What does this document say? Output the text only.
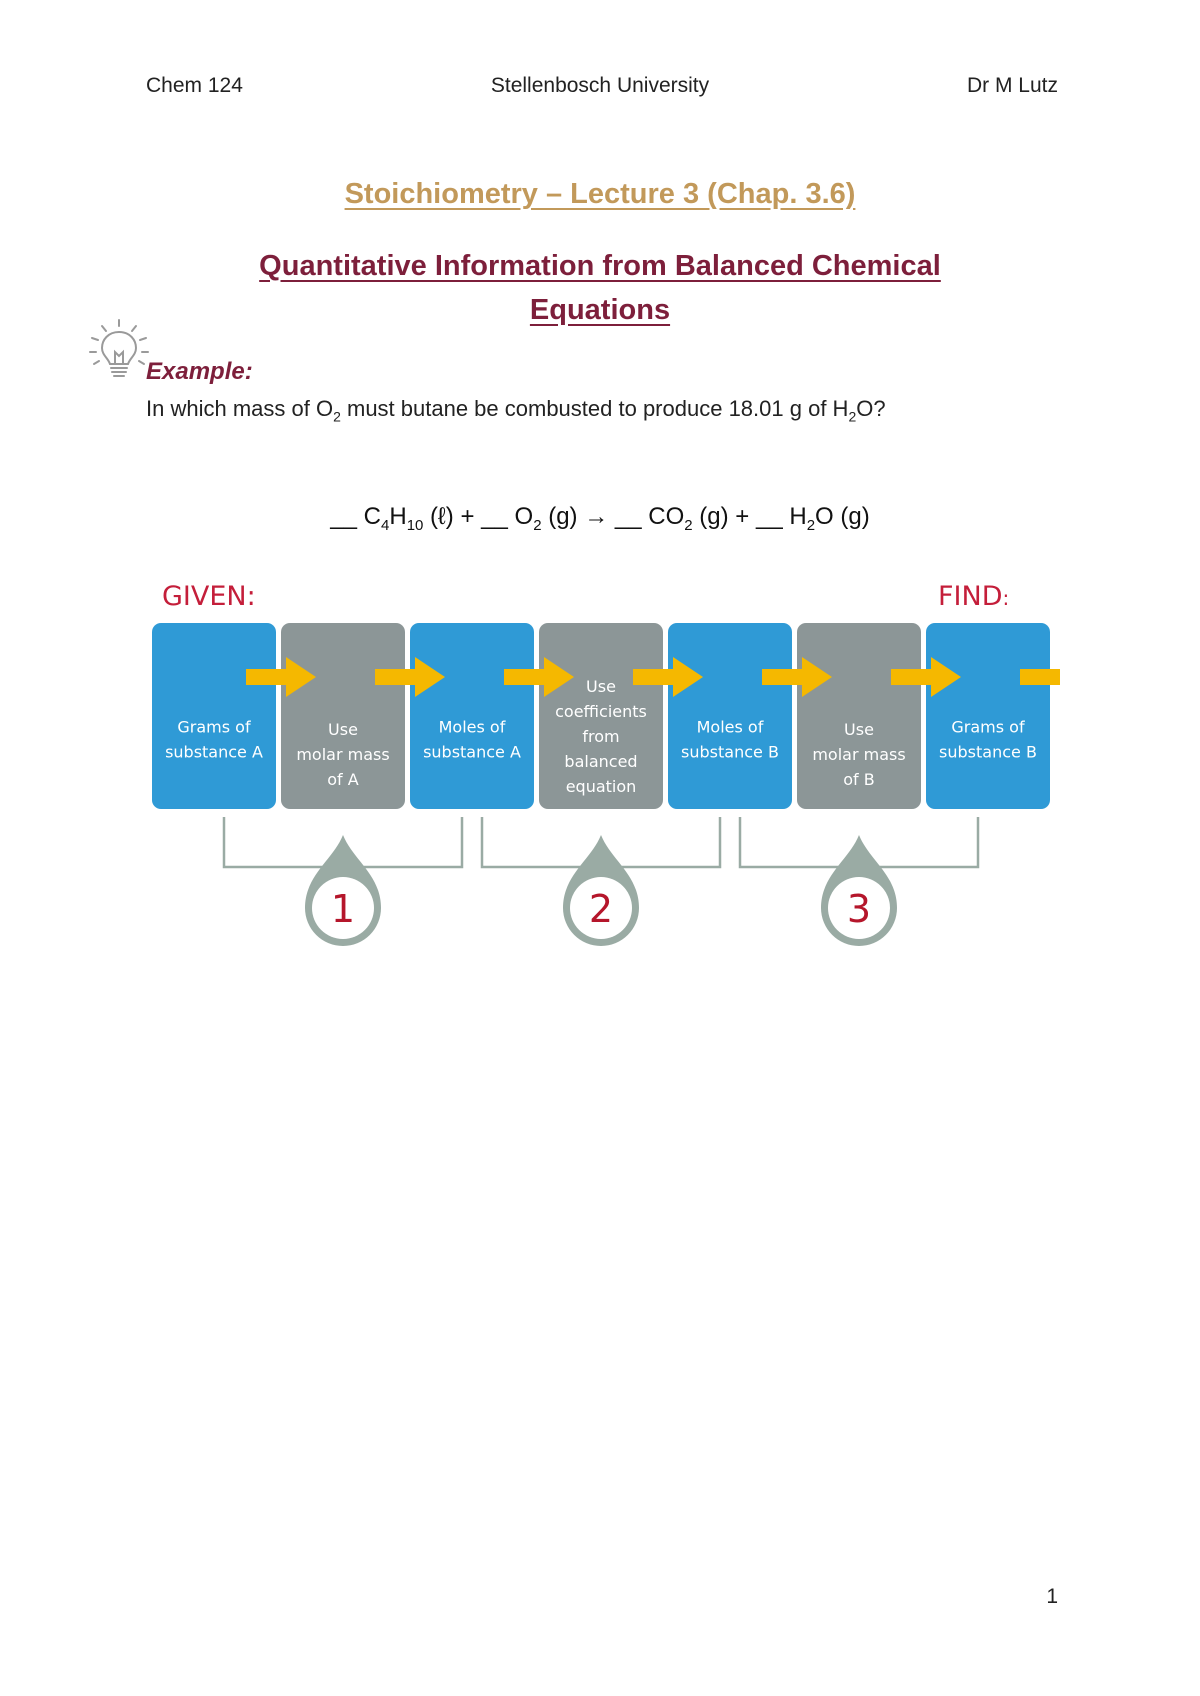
Chem 124	Stellenbosch University	Dr M Lutz
Stoichiometry – Lecture 3 (Chap. 3.6)
Quantitative Information from Balanced Chemical
Equations
Example:
In which mass of $O_2$ must butane be combusted to produce 18.01 g of $H_2O$?
__ $C_4H_{10}$ (ℓ) + __ $O_2$ (g) → __ $CO_2$ (g) + __ $H_2O$ (g)
GIVEN:	FIND:
Grams of substance A
Use molar mass of A
Moles of substance A
Use coefficients from balanced equation
Moles of substance B
Use molar mass of B
Grams of substance B
1	2	3
1
